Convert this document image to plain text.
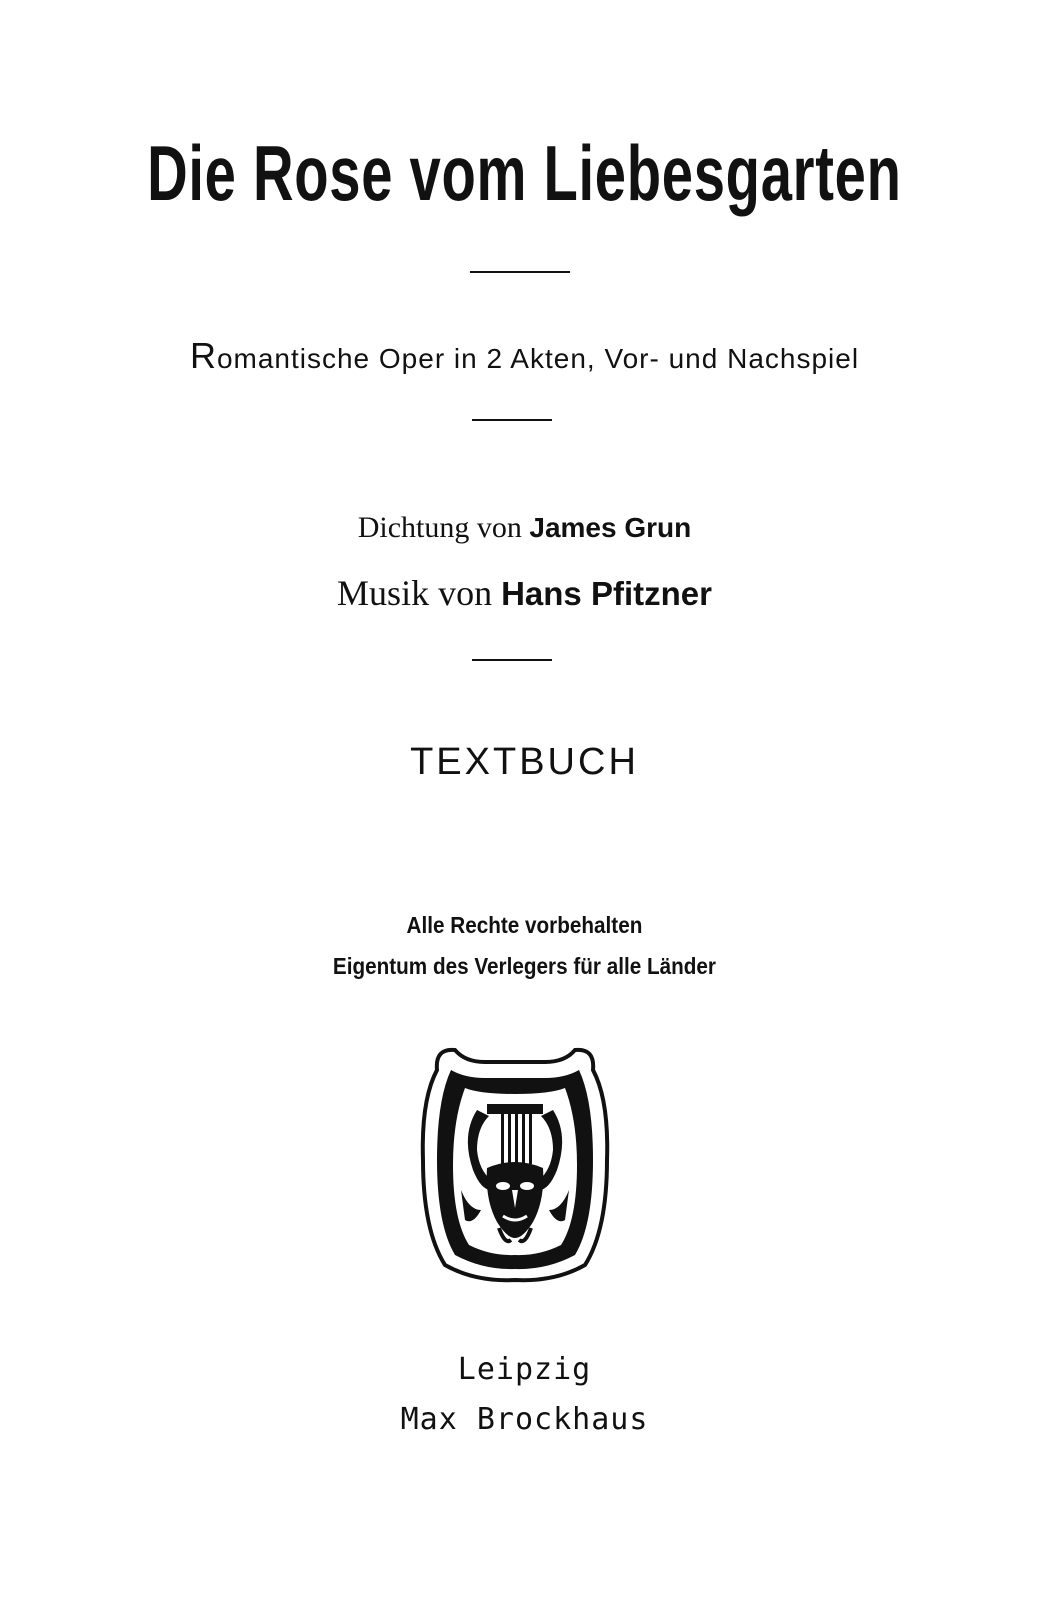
Die Rose vom Liebesgarten
Romantische Oper in 2 Akten, Vor- und Nachspiel
Dichtung von James Grun
Musik von Hans Pfitzner
TEXTBUCH
Alle Rechte vorbehalten
Eigentum des Verlegers für alle Länder
Leipzig
Max Brockhaus
